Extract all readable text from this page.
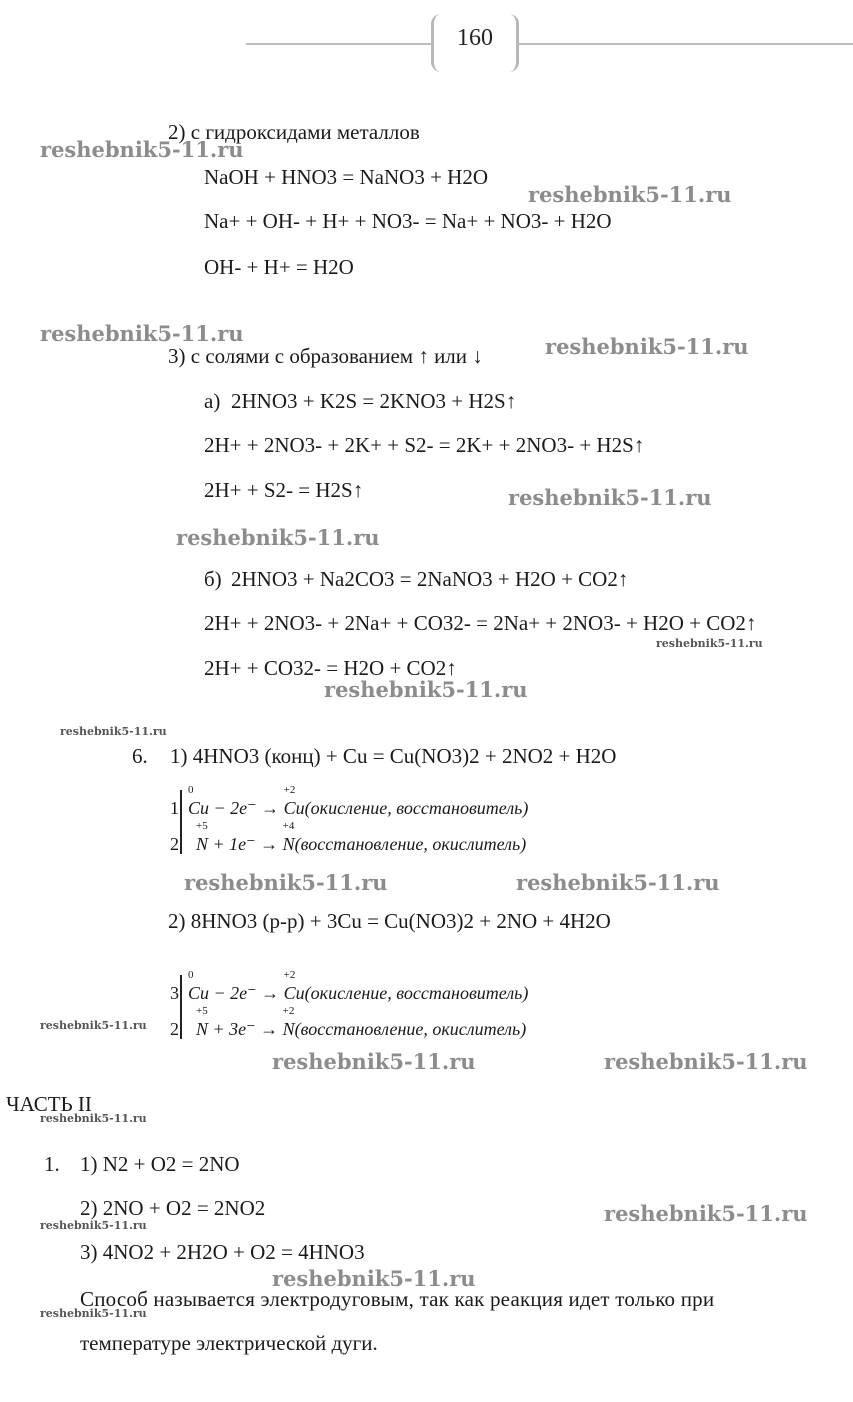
160
2) с гидроксидами металлов
NaOH + HNO3 = NaNO3 + H2O
Na+ + OH- + H+ + NO3- = Na+ + NO3- + H2O
OH- + H+ = H2O
3) с солями с образованием ↑ или ↓
а) 2HNO3 + K2S = 2KNO3 + H2S↑
2H+ + 2NO3- + 2K+ + S2- = 2K+ + 2NO3- + H2S↑
2H+ + S2- = H2S↑
б) 2HNO3 + Na2CO3 = 2NaNO3 + H2O + CO2↑
2H+ + 2NO3- + 2Na+ + CO32- = 2Na+ + 2NO3- + H2O + CO2↑
2H+ + CO32- = H2O + CO2↑
6. 1) 4HNO3 (конц) + Cu = Cu(NO3)2 + 2NO2 + H2O
1
0
Cu − 2e⁻ →
+2
Cu(окисление, восстановитель)
2
+5
N + 1e⁻ →
+4
N(восстановление, окислитель)
2) 8HNO3 (р-р) + 3Cu = Cu(NO3)2 + 2NO + 4H2O
3
0
Cu − 2e⁻ →
+2
Cu(окисление, восстановитель)
2
+5
N + 3e⁻ →
+2
N(восстановление, окислитель)
ЧАСТЬ II
1. 1) N2 + O2 = 2NO
2) 2NO + O2 = 2NO2
3) 4NO2 + 2H2O + O2 = 4HNO3
Способ называется электродуговым, так как реакция идет только при
температуре электрической дуги.
reshebnik5-11.ru
reshebnik5-11.ru
reshebnik5-11.ru
reshebnik5-11.ru
reshebnik5-11.ru
reshebnik5-11.ru
reshebnik5-11.ru
reshebnik5-11.ru
reshebnik5-11.ru
reshebnik5-11.ru	reshebnik5-11.ru
reshebnik5-11.ru
reshebnik5-11.ru	reshebnik5-11.ru
reshebnik5-11.ru
reshebnik5-11.ru
reshebnik5-11.ru
reshebnik5-11.ru
reshebnik5-11.ru
